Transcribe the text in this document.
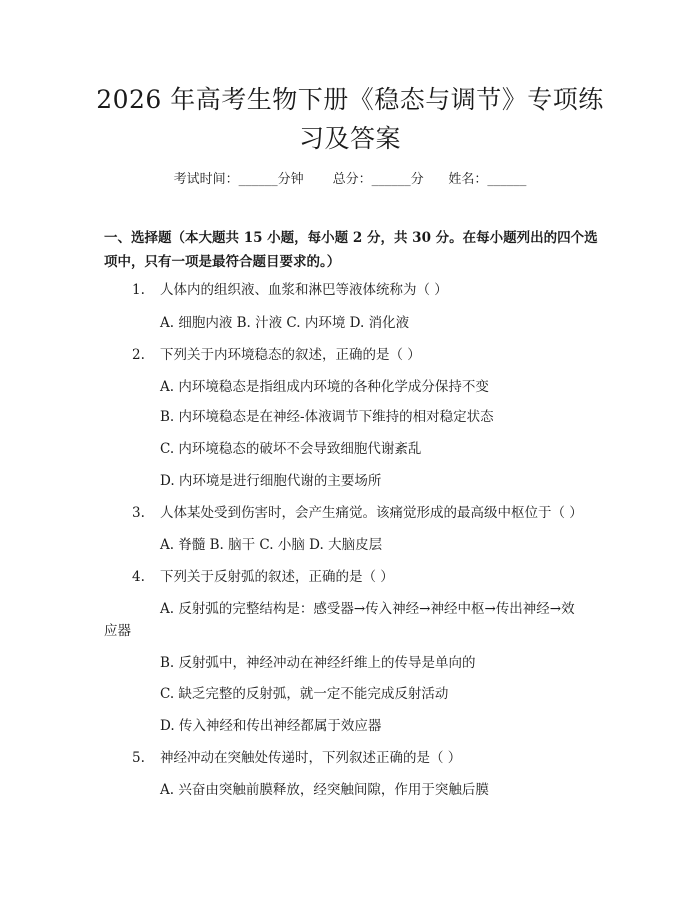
2026 年高考生物下册《稳态与调节》专项练
习及答案
考试时间：______分钟 总分：______分 姓名：______
一、选择题（本大题共 15 小题，每小题 2 分，共 30 分。在每小题列出的四个选
项中，只有一项是最符合题目要求的。）
1. 人体内的组织液、血浆和淋巴等液体统称为（ ）
A. 细胞内液 B. 汁液 C. 内环境 D. 消化液
2. 下列关于内环境稳态的叙述，正确的是（ ）
A. 内环境稳态是指组成内环境的各种化学成分保持不变
B. 内环境稳态是在神经-体液调节下维持的相对稳定状态
C. 内环境稳态的破坏不会导致细胞代谢紊乱
D. 内环境是进行细胞代谢的主要场所
3. 人体某处受到伤害时，会产生痛觉。该痛觉形成的最高级中枢位于（ ）
A. 脊髓 B. 脑干 C. 小脑 D. 大脑皮层
4. 下列关于反射弧的叙述，正确的是（ ）
A. 反射弧的完整结构是：感受器→传入神经→神经中枢→传出神经→效
应器
B. 反射弧中，神经冲动在神经纤维上的传导是单向的
C. 缺乏完整的反射弧，就一定不能完成反射活动
D. 传入神经和传出神经都属于效应器
5. 神经冲动在突触处传递时，下列叙述正确的是（ ）
A. 兴奋由突触前膜释放，经突触间隙，作用于突触后膜
